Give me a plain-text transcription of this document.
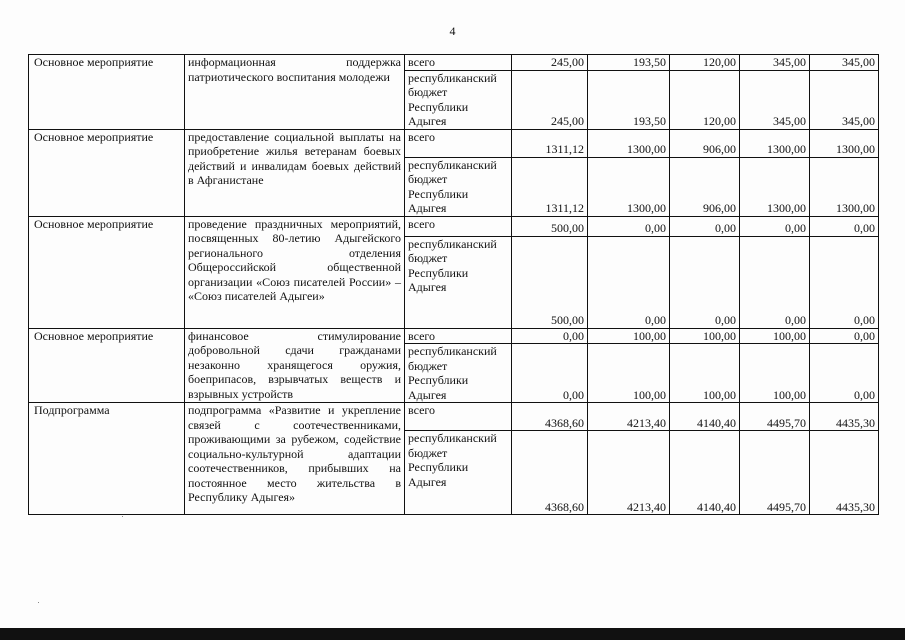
4
Основное мероприятие	информационная поддержка патриотического воспитания молодежи	всего	245,00	193,50	120,00	345,00	345,00
		республиканский бюджет Республики Адыгея	245,00	193,50	120,00	345,00	345,00
Основное мероприятие	предоставление социальной выплаты на приобретение жилья ветеранам боевых действий и инвалидам боевых действий в Афганистане	всего	1311,12	1300,00	906,00	1300,00	1300,00
		республиканский бюджет Республики Адыгея	1311,12	1300,00	906,00	1300,00	1300,00
Основное мероприятие	проведение праздничных мероприятий, посвященных 80-летию Адыгейского регионального отделения Общероссийской общественной организации «Союз писателей России» – «Союз писателей Адыгеи»	всего	500,00	0,00	0,00	0,00	0,00
		республиканский бюджет Республики Адыгея	500,00	0,00	0,00	0,00	0,00
Основное мероприятие	финансовое стимулирование добровольной сдачи гражданами незаконно хранящегося оружия, боеприпасов, взрывчатых веществ и взрывных устройств	всего	0,00	100,00	100,00	100,00	0,00
		республиканский бюджет Республики Адыгея	0,00	100,00	100,00	100,00	0,00
Подпрограмма	подпрограмма «Развитие и укрепление связей с соотечественниками, проживающими за рубежом, содействие социально-культурной адаптации соотечественников, прибывших на постоянное место жительства в Республику Адыгея»	всего	4368,60	4213,40	4140,40	4495,70	4435,30
		республиканский бюджет Республики Адыгея	4368,60	4213,40	4140,40	4495,70	4435,30
